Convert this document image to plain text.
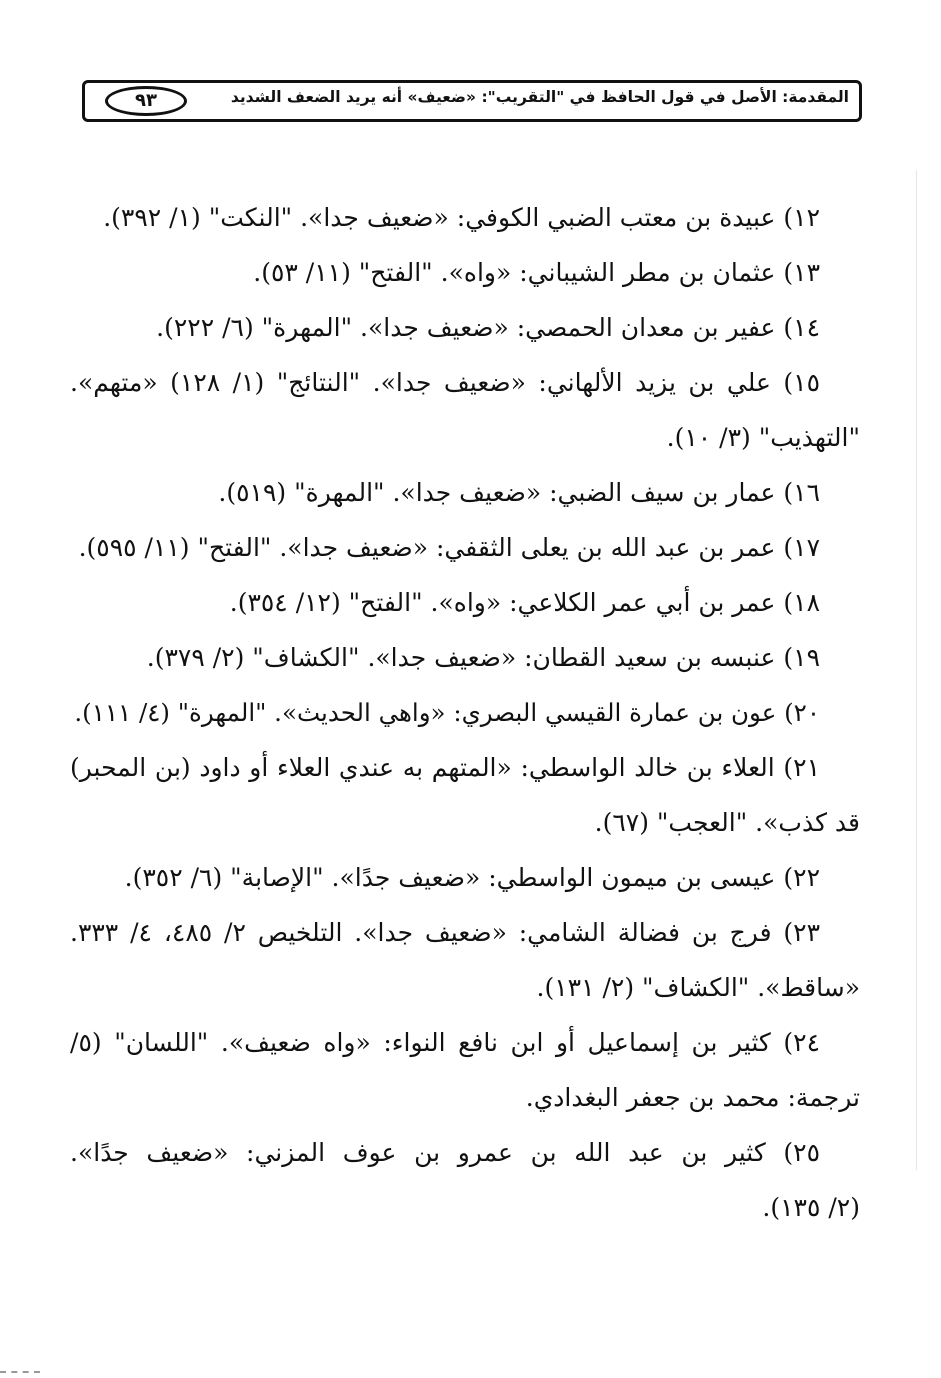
المقدمة: الأصل في قول الحافظ في "التقريب": «ضعيف» أنه يريد الضعف الشديد
٩٣
١٢) عبيدة بن معتب الضبي الكوفي: «ضعيف جدا». "النكت" (١/ ٣٩٢).
١٣) عثمان بن مطر الشيباني: «واه». "الفتح" (١١/ ٥٣).
١٤) عفير بن معدان الحمصي: «ضعيف جدا». "المهرة" (٦/ ٢٢٢).
١٥) علي بن يزيد الألهاني: «ضعيف جدا». "النتائج" (١/ ١٢٨) «متهم».
"التهذيب" (٣/ ١٠).
١٦) عمار بن سيف الضبي: «ضعيف جدا». "المهرة" (٥١٩).
١٧) عمر بن عبد الله بن يعلى الثقفي: «ضعيف جدا». "الفتح" (١١/ ٥٩٥).
١٨) عمر بن أبي عمر الكلاعي: «واه». "الفتح" (١٢/ ٣٥٤).
١٩) عنبسه بن سعيد القطان: «ضعيف جدا». "الكشاف" (٢/ ٣٧٩).
٢٠) عون بن عمارة القيسي البصري: «واهي الحديث». "المهرة" (٤/ ١١١).
٢١) العلاء بن خالد الواسطي: «المتهم به عندي العلاء أو داود (بن المحبر)
قد كذب». "العجب" (٦٧).
٢٢) عيسى بن ميمون الواسطي: «ضعيف جدًا». "الإصابة" (٦/ ٣٥٢).
٢٣) فرج بن فضالة الشامي: «ضعيف جدا». التلخيص ٢/ ٤٨٥، ٤/ ٣٣٣.
«ساقط». "الكشاف" (٢/ ١٣١).
٢٤) كثير بن إسماعيل أو ابن نافع النواء: «واه ضعيف». "اللسان" (٥/
ترجمة: محمد بن جعفر البغدادي.
٢٥) كثير بن عبد الله بن عمرو بن عوف المزني: «ضعيف جدًا».
(٢/ ١٣٥).
